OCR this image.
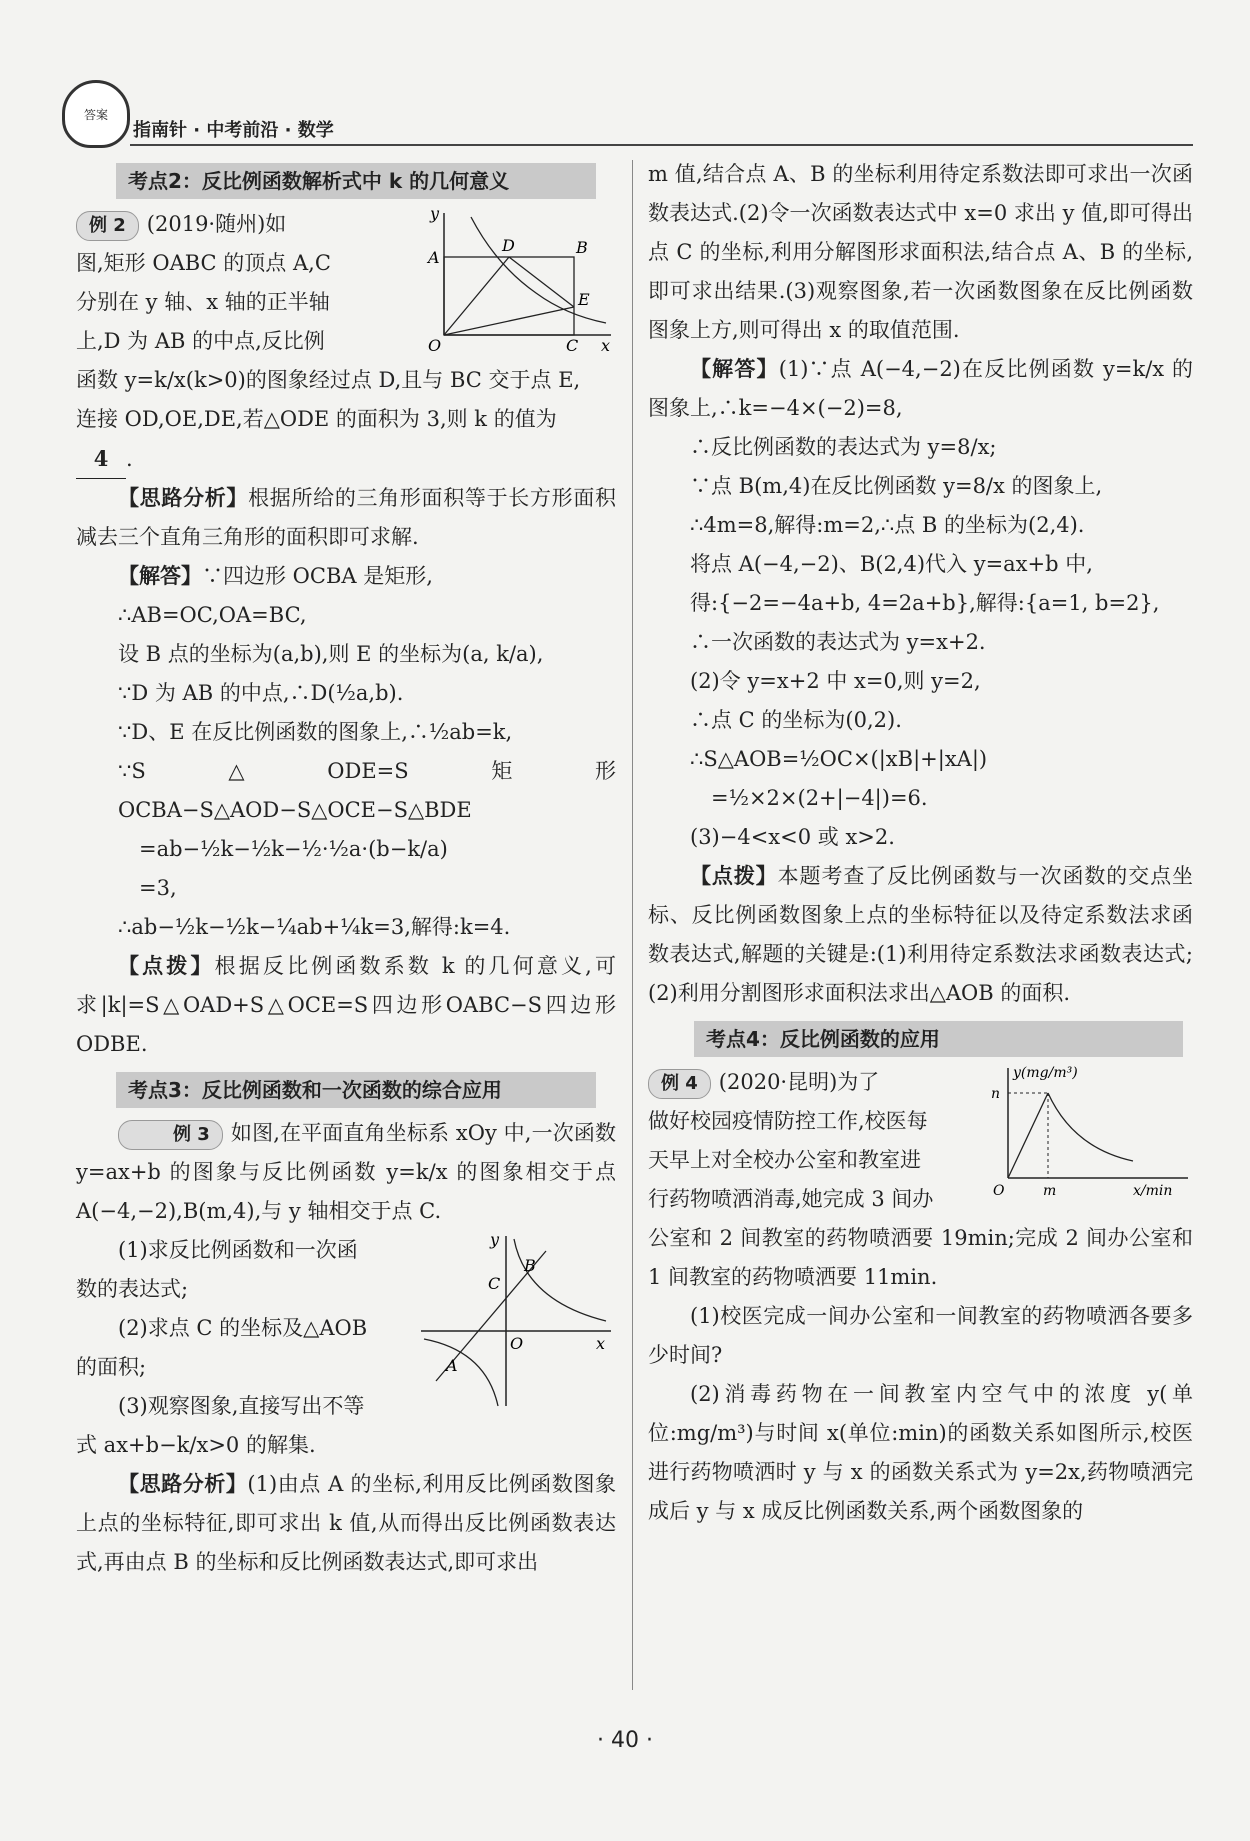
答案
指南针 · 中考前沿 · 数学
考点2：反比例函数解析式中 k 的几何意义
y
A
D	B
E
O	C x

例 2 (2019·随州)如

图,矩形 OABC 的顶点 A,C

分别在 y 轴、x 轴的正半轴

上,D 为 AB 的中点,反比例

函数 y=k/x(k>0)的图象经过点 D,且与 BC 交于点 E,

连接 OD,OE,DE,若△ODE 的面积为 3,则 k 的值为

4 .

【思路分析】根据所给的三角形面积等于长方形面积减去三个直角三角形的面积即可求解.

【解答】∵四边形 OCBA 是矩形,

∴AB=OC,OA=BC,

设 B 点的坐标为(a,b),则 E 的坐标为(a, k/a),

∵D 为 AB 的中点,∴D(½a,b).

∵D、E 在反比例函数的图象上,∴½ab=k,

∵S△ODE=S矩形OCBA−S△AOD−S△OCE−S△BDE

=ab−½k−½k−½·½a·(b−k/a)

=3,

∴ab−½k−½k−¼ab+¼k=3,解得:k=4.

【点拨】根据反比例函数系数 k 的几何意义,可求|k|=S△OAD+S△OCE=S四边形OABC−S四边形ODBE.

考点3：反比例函数和一次函数的综合应用

例 3 如图,在平面直角坐标系 xOy 中,一次函数 y=ax+b 的图象与反比例函数 y=k/x 的图象相交于点 A(−4,−2),B(m,4),与 y 轴相交于点 C.

y
B
C
O	x
A

(1)求反比例函数和一次函

数的表达式;

(2)求点 C 的坐标及△AOB

的面积;

(3)观察图象,直接写出不等

式 ax+b−k/x>0 的解集.

【思路分析】(1)由点 A 的坐标,利用反比例函数图象上点的坐标特征,即可求出 k 值,从而得出反比例函数表达式,再由点 B 的坐标和反比例函数表达式,即可求出

m 值,结合点 A、B 的坐标利用待定系数法即可求出一次函数表达式.(2)令一次函数表达式中 x=0 求出 y 值,即可得出点 C 的坐标,利用分解图形求面积法,结合点 A、B 的坐标,即可求出结果.(3)观察图象,若一次函数图象在反比例函数图象上方,则可得出 x 的取值范围.

【解答】(1)∵点 A(−4,−2)在反比例函数 y=k/x 的图象上,∴k=−4×(−2)=8,

∴反比例函数的表达式为 y=8/x;

∵点 B(m,4)在反比例函数 y=8/x 的图象上,

∴4m=8,解得:m=2,∴点 B 的坐标为(2,4).

将点 A(−4,−2)、B(2,4)代入 y=ax+b 中,

得:{−2=−4a+b, 4=2a+b},解得:{a=1, b=2},

∴一次函数的表达式为 y=x+2.

(2)令 y=x+2 中 x=0,则 y=2,

∴点 C 的坐标为(0,2).

∴S△AOB=½OC×(|xB|+|xA|)

=½×2×(2+|−4|)=6.

(3)−4<x<0 或 x>2.

【点拨】本题考查了反比例函数与一次函数的交点坐标、反比例函数图象上点的坐标特征以及待定系数法求函数表达式,解题的关键是:(1)利用待定系数法求函数表达式;(2)利用分割图形求面积法求出△AOB 的面积.

考点4：反比例函数的应用
y(mg/m³)
n
O	m	x/min

例 4 (2020·昆明)为了

做好校园疫情防控工作,校医每

天早上对全校办公室和教室进

行药物喷洒消毒,她完成 3 间办

公室和 2 间教室的药物喷洒要 19min;完成 2 间办公室和 1 间教室的药物喷洒要 11min.

(1)校医完成一间办公室和一间教室的药物喷洒各要多少时间?

(2)消毒药物在一间教室内空气中的浓度 y(单位:mg/m³)与时间 x(单位:min)的函数关系如图所示,校医进行药物喷洒时 y 与 x 的函数关系式为 y=2x,药物喷洒完成后 y 与 x 成反比例函数关系,两个函数图象的

· 40 ·
